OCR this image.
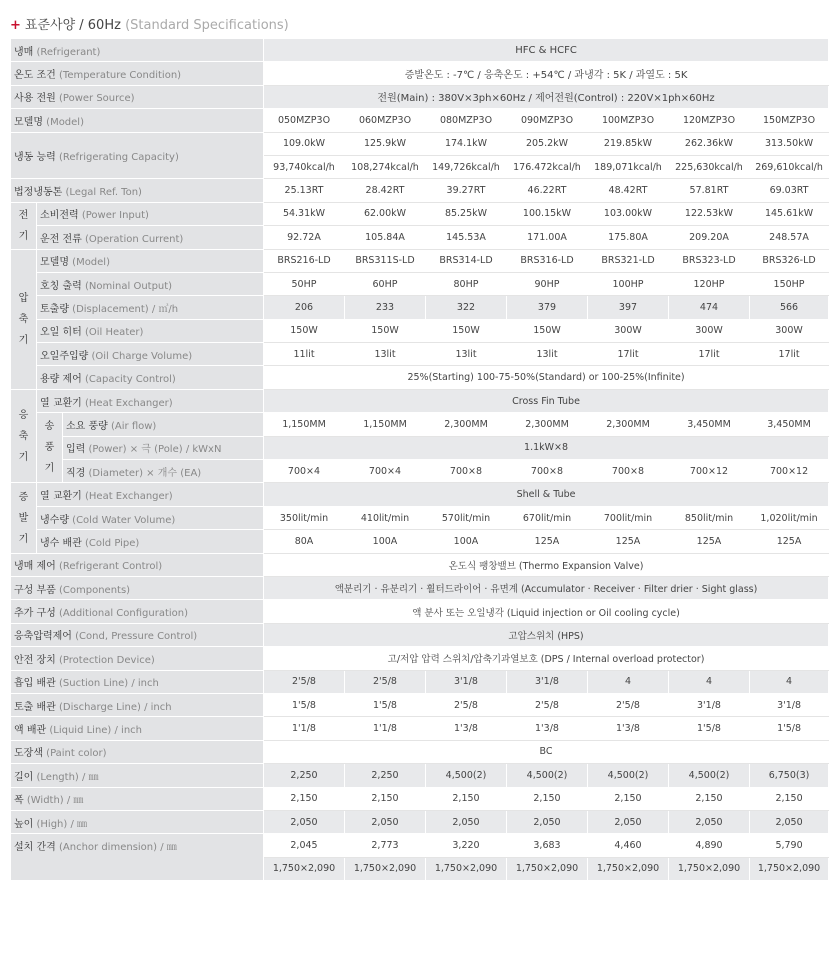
+ 표준사양 / 60Hz (Standard Specifications)
냉매 (Refrigerant)			HFC & HCFC						
온도 조건 (Temperature Condition)			증발온도 : -7℃ / 응축온도 : +54℃ / 과냉각 : 5K / 과열도 : 5K						
사용 전원 (Power Source)			전원(Main) : 380V×3ph×60Hz / 제어전원(Control) : 220V×1ph×60Hz						
모델명 (Model)			050MZP3O	060MZP3O	080MZP3O	090MZP3O	100MZP3O	120MZP3O	150MZP3O
냉동 능력 (Refrigerating Capacity)			109.0kW	125.9kW	174.1kW	205.2kW	219.85kW	262.36kW	313.50kW
			93,740kcal/h	108,274kcal/h	149,726kcal/h	176.472kcal/h	189,071kcal/h	225,630kcal/h	269,610kcal/h
법정냉동톤 (Legal Ref. Ton)			25.13RT	28.42RT	39.27RT	46.22RT	48.42RT	57.81RT	69.03RT
전
기	소비전력 (Power Input)		54.31kW	62.00kW	85.25kW	100.15kW	103.00kW	122.53kW	145.61kW
	운전 전류 (Operation Current)		92.72A	105.84A	145.53A	171.00A	175.80A	209.20A	248.57A
압
축
기	모델명 (Model)		BRS216-LD	BRS311S-LD	BRS314-LD	BRS316-LD	BRS321-LD	BRS323-LD	BRS326-LD
	호칭 출력 (Nominal Output)		50HP	60HP	80HP	90HP	100HP	120HP	150HP
	토출량 (Displacement) / ㎥/h		206	233	322	379	397	474	566
	오일 히터 (Oil Heater)		150W	150W	150W	150W	300W	300W	300W
	오일주입량 (Oil Charge Volume)		11lit	13lit	13lit	13lit	17lit	17lit	17lit
	용량 제어 (Capacity Control)		25%(Starting) 100-75-50%(Standard) or 100-25%(Infinite)						
응
축
기	열 교환기 (Heat Exchanger)		Cross Fin Tube						
	송
풍
기	소요 풍량 (Air flow)	1,150MM	1,150MM	2,300MM	2,300MM	2,300MM	3,450MM	3,450MM
		입력 (Power) × 극 (Pole) / kWxN	1.1kW×8						
		직경 (Diameter) × 개수 (EA)	700×4	700×4	700×8	700×8	700×8	700×12	700×12
증
발
기	열 교환기 (Heat Exchanger)		Shell & Tube						
	냉수량 (Cold Water Volume)		350lit/min	410lit/min	570lit/min	670lit/min	700lit/min	850lit/min	1,020lit/min
	냉수 배관 (Cold Pipe)		80A	100A	100A	125A	125A	125A	125A
냉매 제어 (Refrigerant Control)			온도식 팽창밸브 (Thermo Expansion Valve)						
구성 부품 (Components)			액분리기 · 유분리기 · 휠터드라이어 · 유면계 (Accumulator · Receiver · Filter drier · Sight glass)						
추가 구성 (Additional Configuration)			액 분사 또는 오일냉각 (Liquid injection or Oil cooling cycle)						
응축압력제어 (Cond, Pressure Control)			고압스위치 (HPS)						
안전 장치 (Protection Device)			고/저압 압력 스위치/압축기과열보호 (DPS / Internal overload protector)						
흡입 배관 (Suction Line) / inch			2'5/8	2'5/8	3'1/8	3'1/8	4	4	4
토출 배관 (Discharge Line) / inch			1'5/8	1'5/8	2'5/8	2'5/8	2'5/8	3'1/8	3'1/8
액 배관 (Liquid Line) / inch			1'1/8	1'1/8	1'3/8	1'3/8	1'3/8	1'5/8	1'5/8
도장색 (Paint color)			BC						
길이 (Length) / ㎜			2,250	2,250	4,500(2)	4,500(2)	4,500(2)	4,500(2)	6,750(3)
폭 (Width) / ㎜			2,150	2,150	2,150	2,150	2,150	2,150	2,150
높이 (High) / ㎜			2,050	2,050	2,050	2,050	2,050	2,050	2,050
설치 간격 (Anchor dimension) / ㎜			2,045	2,773	3,220	3,683	4,460	4,890	5,790
			1,750×2,090	1,750×2,090	1,750×2,090	1,750×2,090	1,750×2,090	1,750×2,090	1,750×2,090
